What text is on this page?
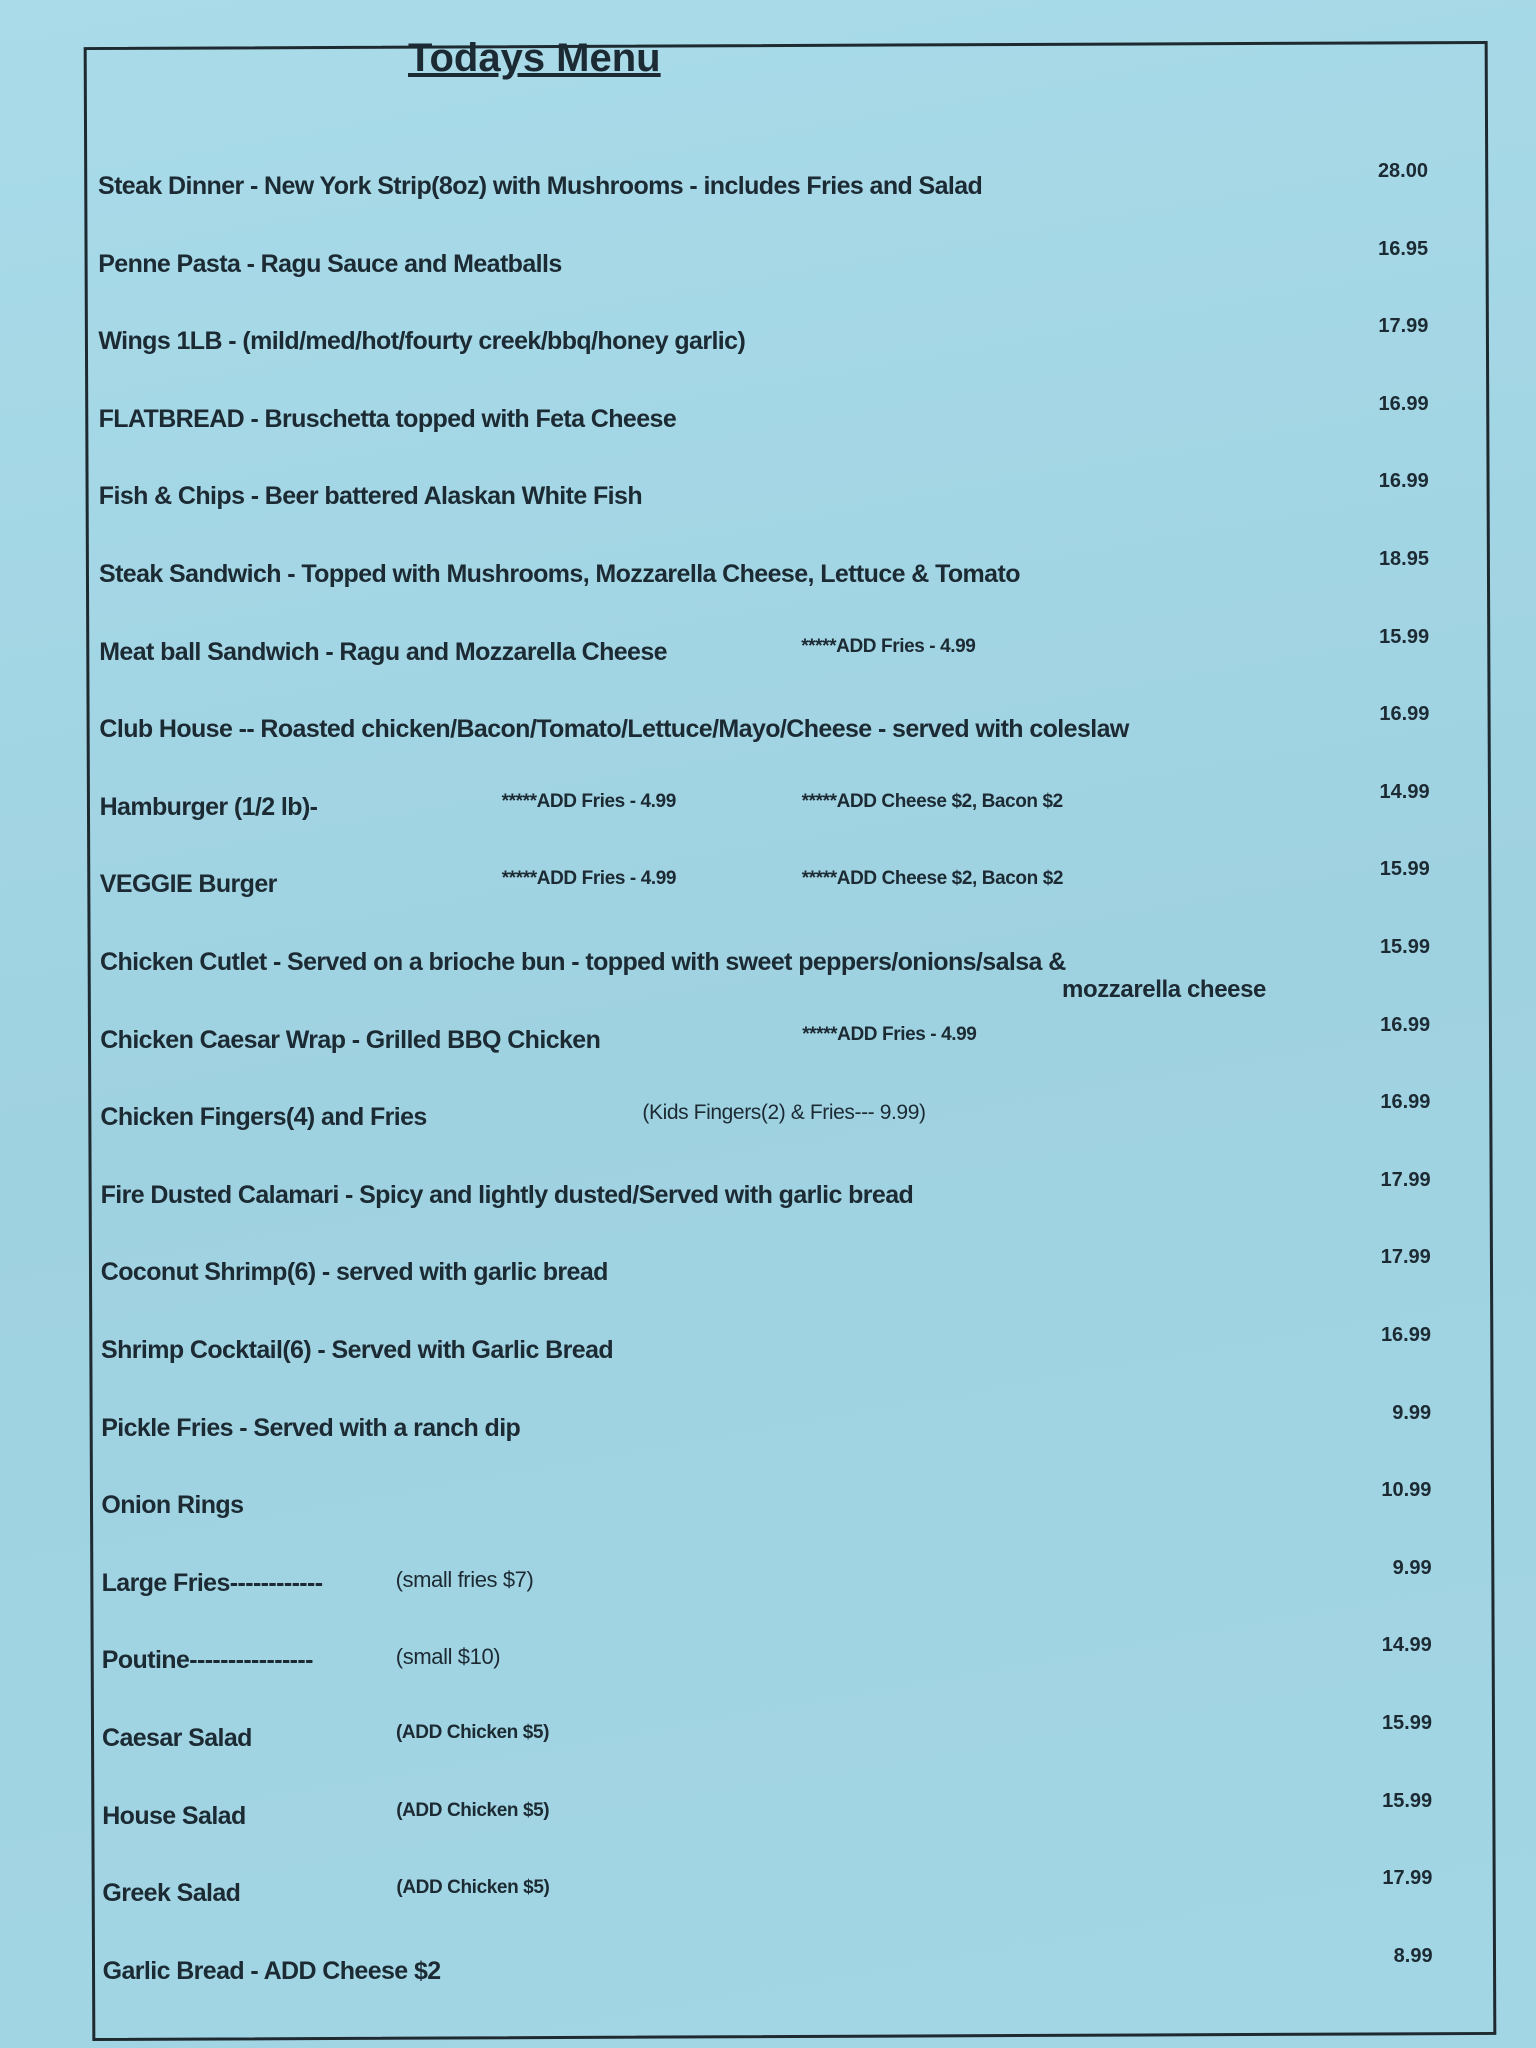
Todays Menu
Steak Dinner - New York Strip(8oz) with Mushrooms - includes Fries and Salad
28.00
Penne Pasta - Ragu Sauce and Meatballs
16.95
Wings 1LB - (mild/med/hot/fourty creek/bbq/honey garlic)
17.99
FLATBREAD - Bruschetta topped with Feta Cheese
16.99
Fish & Chips - Beer battered Alaskan White Fish
16.99
Steak Sandwich - Topped with Mushrooms, Mozzarella Cheese, Lettuce & Tomato
18.95
Meat ball Sandwich - Ragu and Mozzarella Cheese	*****ADD Fries - 4.99	15.99
Club House -- Roasted chicken/Bacon/Tomato/Lettuce/Mayo/Cheese - served with coleslaw
16.99
Hamburger (1/2 lb)-	*****ADD Fries - 4.99	*****ADD Cheese $2, Bacon $2	14.99
VEGGIE Burger	*****ADD Fries - 4.99	*****ADD Cheese $2, Bacon $2	15.99
Chicken Cutlet - Served on a brioche bun - topped with sweet peppers/onions/salsa &
mozzarella cheese
15.99
Chicken Caesar Wrap - Grilled BBQ Chicken	*****ADD Fries - 4.99	16.99
Chicken Fingers(4) and Fries	(Kids Fingers(2) & Fries--- 9.99)	16.99
Fire Dusted Calamari - Spicy and lightly dusted/Served with garlic bread
17.99
Coconut Shrimp(6) - served with garlic bread
17.99
Shrimp Cocktail(6) - Served with Garlic Bread
16.99
Pickle Fries - Served with a ranch dip
9.99
Onion Rings
10.99
Large Fries------------	(small fries $7)	9.99
Poutine----------------	(small $10)	14.99
Caesar Salad	(ADD Chicken $5)	15.99
House Salad	(ADD Chicken $5)	15.99
Greek Salad	(ADD Chicken $5)	17.99
Garlic Bread - ADD Cheese $2
8.99
